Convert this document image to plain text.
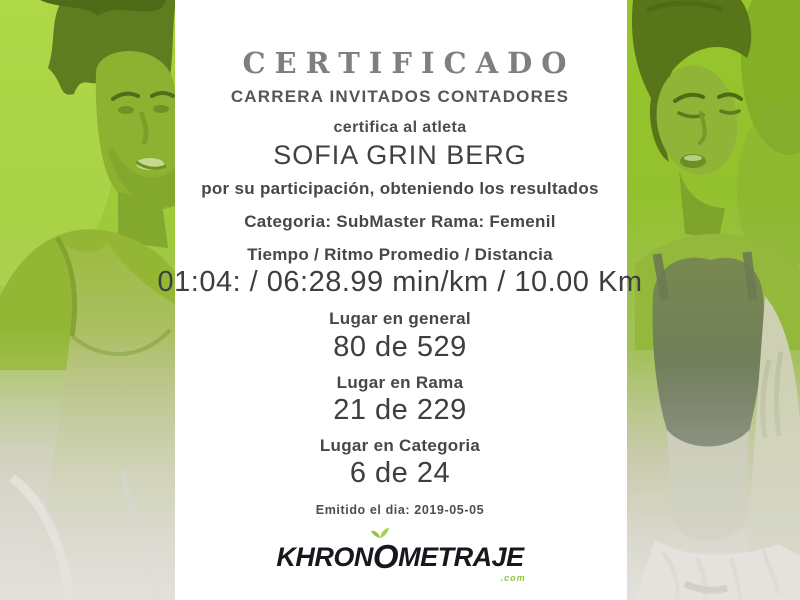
CERTIFICADO
CARRERA INVITADOS CONTADORES

certifica al atleta

SOFIA GRIN BERG

por su participación, obteniendo los resultados

Categoria: SubMaster Rama: Femenil

Tiempo / Ritmo Promedio / Distancia

01:04: / 06:28.99 min/km / 10.00 Km

Lugar en general

80 de 529

Lugar en Rama

21 de 229

Lugar en Categoria

6 de 24

Emitido el dia: 2019-05-05

KHRONOMETRAJE
.com
